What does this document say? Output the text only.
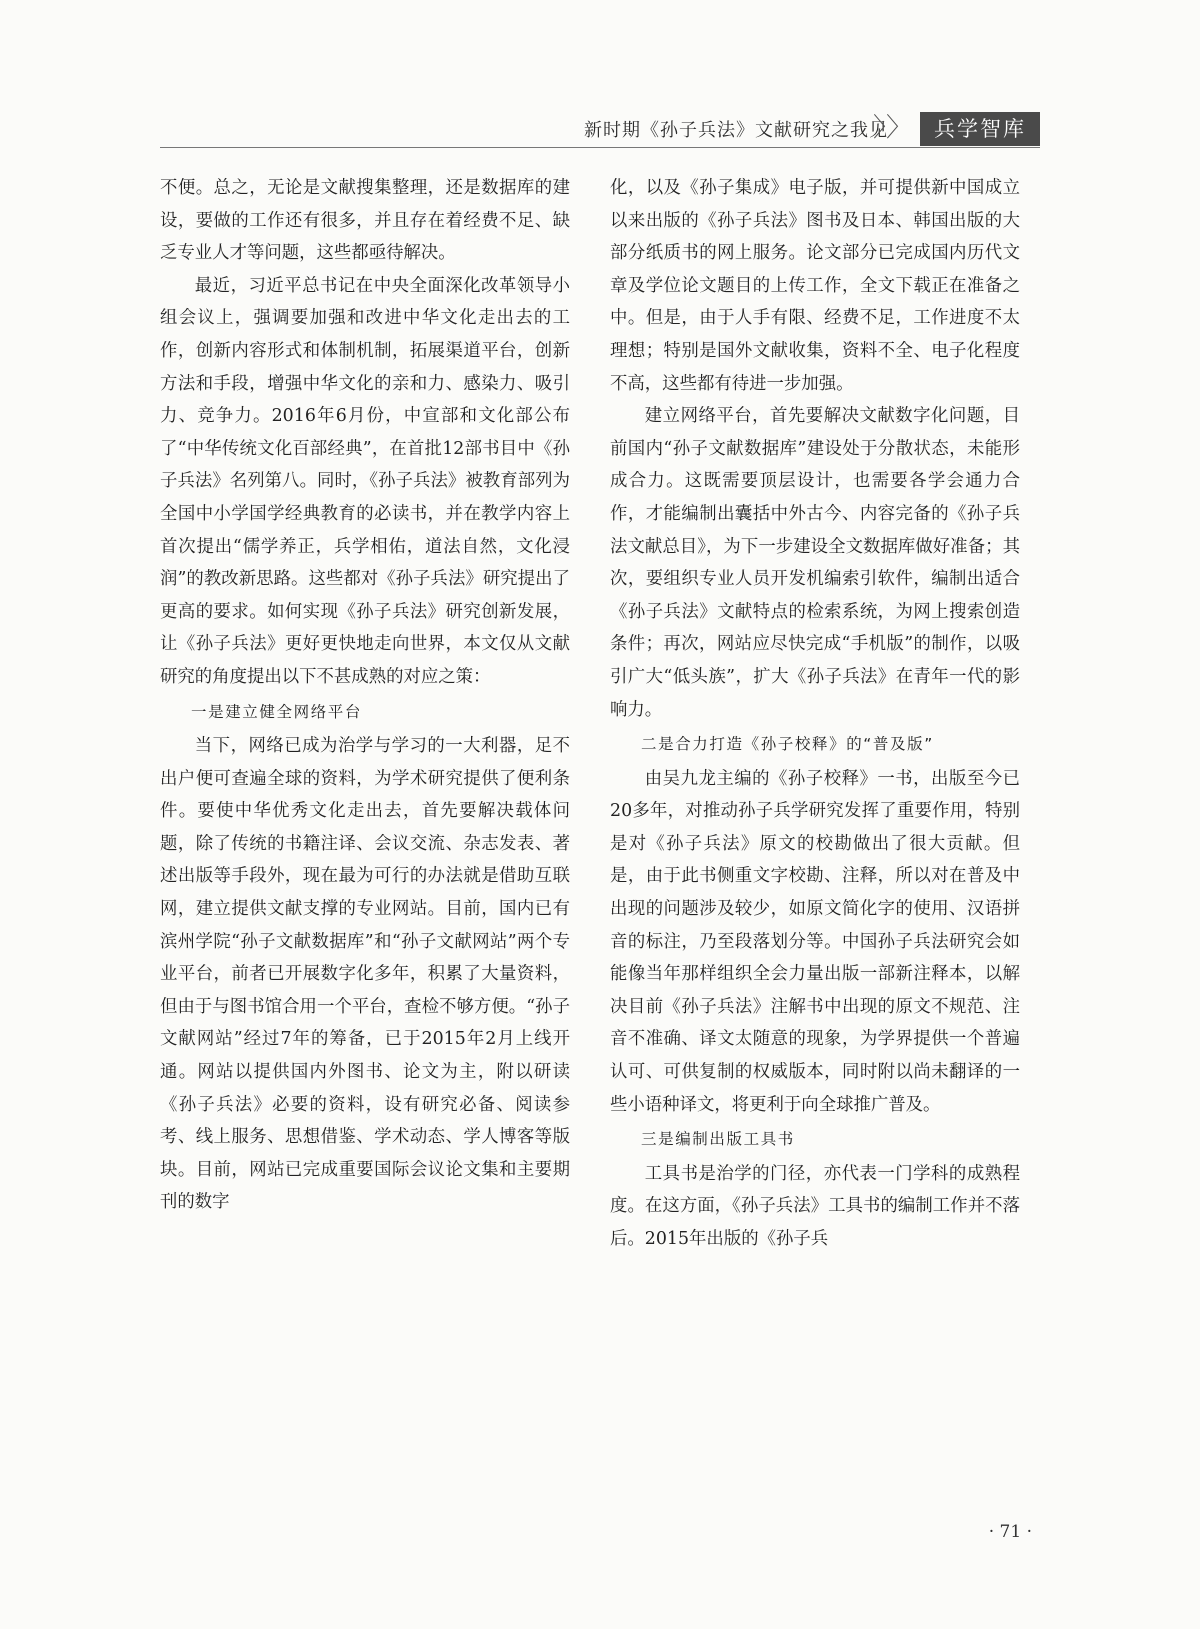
新时期《孙子兵法》文献研究之我见
〉〉	兵学智库

不便。总之，无论是文献搜集整理，还是数据库的建设，要做的工作还有很多，并且存在着经费不足、缺乏专业人才等问题，这些都亟待解决。

最近，习近平总书记在中央全面深化改革领导小组会议上，强调要加强和改进中华文化走出去的工作，创新内容形式和体制机制，拓展渠道平台，创新方法和手段，增强中华文化的亲和力、感染力、吸引力、竞争力。2016年6月份，中宣部和文化部公布了“中华传统文化百部经典”，在首批12部书目中《孙子兵法》名列第八。同时，《孙子兵法》被教育部列为全国中小学国学经典教育的必读书，并在教学内容上首次提出“儒学养正，兵学相佑，道法自然，文化浸润”的教改新思路。这些都对《孙子兵法》研究提出了更高的要求。如何实现《孙子兵法》研究创新发展，让《孙子兵法》更好更快地走向世界，本文仅从文献研究的角度提出以下不甚成熟的对应之策：

一是建立健全网络平台

当下，网络已成为治学与学习的一大利器，足不出户便可查遍全球的资料，为学术研究提供了便利条件。要使中华优秀文化走出去，首先要解决载体问题，除了传统的书籍注译、会议交流、杂志发表、著述出版等手段外，现在最为可行的办法就是借助互联网，建立提供文献支撑的专业网站。目前，国内已有滨州学院“孙子文献数据库”和“孙子文献网站”两个专业平台，前者已开展数字化多年，积累了大量资料，但由于与图书馆合用一个平台，查检不够方便。“孙子文献网站”经过7年的筹备，已于2015年2月上线开通。网站以提供国内外图书、论文为主，附以研读《孙子兵法》必要的资料，设有研究必备、阅读参考、线上服务、思想借鉴、学术动态、学人博客等版块。目前，网站已完成重要国际会议论文集和主要期刊的数字

化，以及《孙子集成》电子版，并可提供新中国成立以来出版的《孙子兵法》图书及日本、韩国出版的大部分纸质书的网上服务。论文部分已完成国内历代文章及学位论文题目的上传工作，全文下载正在准备之中。但是，由于人手有限、经费不足，工作进度不太理想；特别是国外文献收集，资料不全、电子化程度不高，这些都有待进一步加强。

建立网络平台，首先要解决文献数字化问题，目前国内“孙子文献数据库”建设处于分散状态，未能形成合力。这既需要顶层设计，也需要各学会通力合作，才能编制出囊括中外古今、内容完备的《孙子兵法文献总目》，为下一步建设全文数据库做好准备；其次，要组织专业人员开发机编索引软件，编制出适合《孙子兵法》文献特点的检索系统，为网上搜索创造条件；再次，网站应尽快完成“手机版”的制作，以吸引广大“低头族”，扩大《孙子兵法》在青年一代的影响力。

二是合力打造《孙子校释》的“普及版”

由吴九龙主编的《孙子校释》一书，出版至今已20多年，对推动孙子兵学研究发挥了重要作用，特别是对《孙子兵法》原文的校勘做出了很大贡献。但是，由于此书侧重文字校勘、注释，所以对在普及中出现的问题涉及较少，如原文简化字的使用、汉语拼音的标注，乃至段落划分等。中国孙子兵法研究会如能像当年那样组织全会力量出版一部新注释本，以解决目前《孙子兵法》注解书中出现的原文不规范、注音不准确、译文太随意的现象，为学界提供一个普遍认可、可供复制的权威版本，同时附以尚未翻译的一些小语种译文，将更利于向全球推广普及。

三是编制出版工具书

工具书是治学的门径，亦代表一门学科的成熟程度。在这方面，《孙子兵法》工具书的编制工作并不落后。2015年出版的《孙子兵

· 71 ·
